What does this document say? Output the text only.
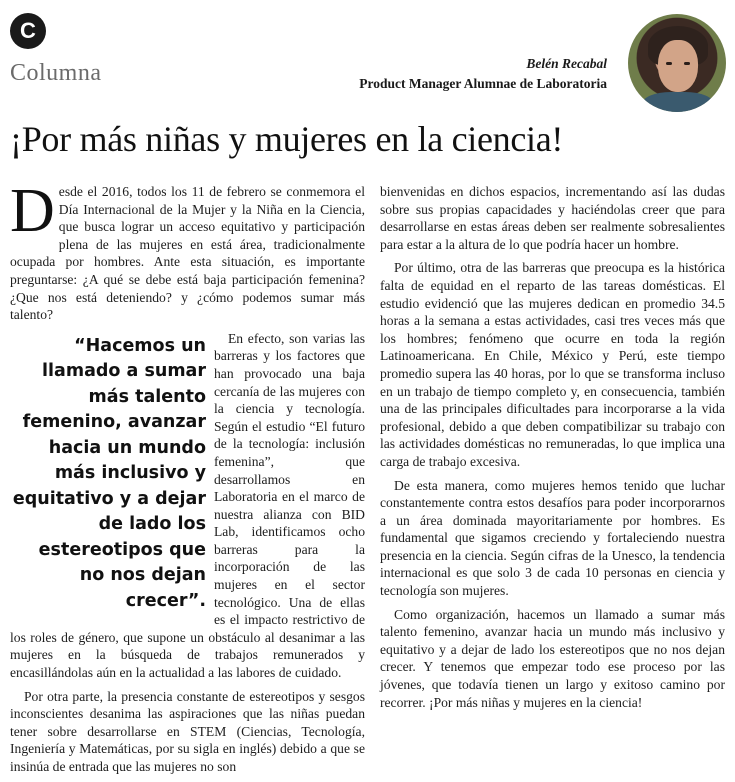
C
Columna	Belén Recabal
Product Manager Alumnae de Laboratoria
¡Por más niñas y mujeres en la ciencia!

Desde el 2016, todos los 11 de febrero se conmemora el Día Internacional de la Mujer y la Niña en la Ciencia, que busca lograr un acceso equitativo y participación plena de las mujeres en está área, tradicionalmente ocupada por hombres. Ante esta situación, es importante preguntarse: ¿A qué se debe está baja participación femenina? ¿Que nos está deteniendo? y ¿cómo podemos sumar más talento?

“Hacemos un llamado a sumar más talento femenino, avanzar hacia un mundo más inclusivo y equitativo y a dejar de lado los estereotipos que no nos dejan crecer”.
En efecto, son varias las barreras y los factores que han provocado una baja cercanía de las mujeres con la ciencia y tecnología. Según el estudio “El futuro de la tecnología: inclusión femenina”, que desarrollamos en Laboratoria en el marco de nuestra alianza con BID Lab, identificamos ocho barreras para la incorporación de las mujeres en el sector tecnológico. Una de ellas es el impacto restrictivo de los roles de género, que supone un obstáculo al desanimar a las mujeres en la búsqueda de trabajos remunerados y encasillándolas aún en la actualidad a las labores de cuidado.

Por otra parte, la presencia constante de estereotipos y sesgos inconscientes desanima las aspiraciones que las niñas puedan tener sobre desarrollarse en STEM (Ciencias, Tecnología, Ingeniería y Matemáticas, por su sigla en inglés) debido a que se insinúa de entrada que las mujeres no son

bienvenidas en dichos espacios, incrementando así las dudas sobre sus propias capacidades y haciéndolas creer que para desarrollarse en estas áreas deben ser realmente sobresalientes para estar a la altura de lo que podría hacer un hombre.

Por último, otra de las barreras que preocupa es la histórica falta de equidad en el reparto de las tareas domésticas. El estudio evidenció que las mujeres dedican en promedio 34.5 horas a la semana a estas actividades, casi tres veces más que los hombres; fenómeno que ocurre en toda la región Latinoamericana. En Chile, México y Perú, este tiempo promedio supera las 40 horas, por lo que se transforma incluso en un trabajo de tiempo completo y, en consecuencia, también una de las principales dificultades para incorporarse a la vida profesional, debido a que deben compatibilizar su trabajo con las actividades domésticas no remuneradas, lo que implica una carga de trabajo excesiva.

De esta manera, como mujeres hemos tenido que luchar constantemente contra estos desafíos para poder incorporarnos a un área dominada mayoritariamente por hombres. Es fundamental que sigamos creciendo y fortaleciendo nuestra presencia en la ciencia. Según cifras de la Unesco, la tendencia internacional es que solo 3 de cada 10 personas en ciencia y tecnología son mujeres.

Como organización, hacemos un llamado a sumar más talento femenino, avanzar hacia un mundo más inclusivo y equitativo y a dejar de lado los estereotipos que no nos dejan crecer. Y tenemos que empezar todo ese proceso por las jóvenes, que todavía tienen un largo y exitoso camino por recorrer. ¡Por más niñas y mujeres en la ciencia!
